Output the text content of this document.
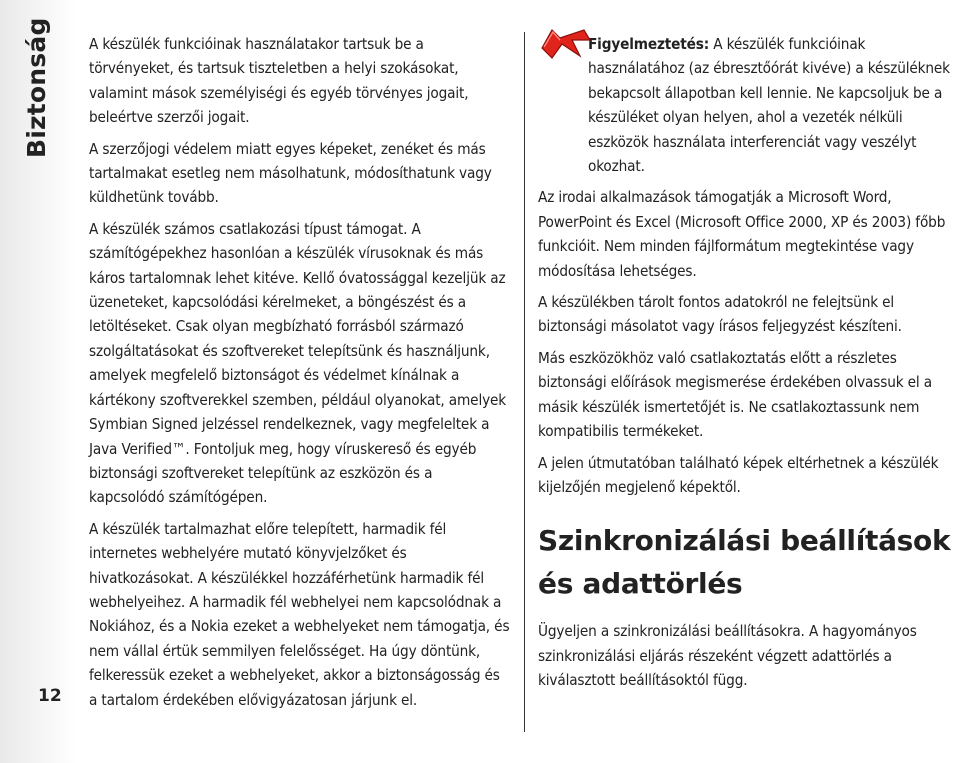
Biztonság
12

A készülék funkcióinak használatakor tartsuk be a törvényeket, és tartsuk tiszteletben a helyi szokásokat, valamint mások személyiségi és egyéb törvényes jogait, beleértve szerzői jogait.

A szerzőjogi védelem miatt egyes képeket, zenéket és más tartalmakat esetleg nem másolhatunk, módosíthatunk vagy küldhetünk tovább.

A készülék számos csatlakozási típust támogat. A számítógépekhez hasonlóan a készülék vírusoknak és más káros tartalomnak lehet kitéve. Kellő óvatossággal kezeljük az üzeneteket, kapcsolódási kérelmeket, a böngészést és a letöltéseket. Csak olyan megbízható forrásból származó szolgáltatásokat és szoftvereket telepítsünk és használjunk, amelyek megfelelő biztonságot és védelmet kínálnak a kártékony szoftverekkel szemben, például olyanokat, amelyek Symbian Signed jelzéssel rendelkeznek, vagy megfeleltek a Java Verified™. Fontoljuk meg, hogy víruskereső és egyéb biztonsági szoftvereket telepítünk az eszközön és a kapcsolódó számítógépen.

A készülék tartalmazhat előre telepített, harmadik fél internetes webhelyére mutató könyvjelzőket és hivatkozásokat. A készülékkel hozzáférhetünk harmadik fél webhelyeihez. A harmadik fél webhelyei nem kapcsolódnak a Nokiához, és a Nokia ezeket a webhelyeket nem támogatja, és nem vállal értük semmilyen felelősséget. Ha úgy döntünk, felkeressük ezeket a webhelyeket, akkor a biztonságosság és a tartalom érdekében elővigyázatosan járjunk el.

Figyelmeztetés: A készülék funkcióinak használatához (az ébresztőórát kivéve) a készüléknek bekapcsolt állapotban kell lennie. Ne kapcsoljuk be a készüléket olyan helyen, ahol a vezeték nélküli eszközök használata interferenciát vagy veszélyt okozhat.

Az irodai alkalmazások támogatják a Microsoft Word, PowerPoint és Excel (Microsoft Office 2000, XP és 2003) főbb funkcióit. Nem minden fájlformátum megtekintése vagy módosítása lehetséges.

A készülékben tárolt fontos adatokról ne felejtsünk el biztonsági másolatot vagy írásos feljegyzést készíteni.

Más eszközökhöz való csatlakoztatás előtt a részletes biztonsági előírások megismerése érdekében olvassuk el a másik készülék ismertetőjét is. Ne csatlakoztassunk nem kompatibilis termékeket.

A jelen útmutatóban található képek eltérhetnek a készülék kijelzőjén megjelenő képektől.

Szinkronizálási beállítások és adattörlés

Ügyeljen a szinkronizálási beállításokra. A hagyományos szinkronizálási eljárás részeként végzett adattörlés a kiválasztott beállításoktól függ.
